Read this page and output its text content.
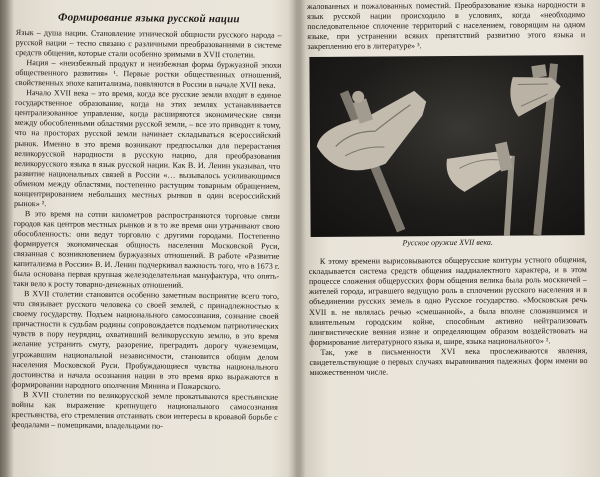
Формирование языка русской нации

Язык – душа нации. Становление этнической общности русского народа – русской нации – тесно связано с различными преобразованиями в системе средств общения, которые стали особенно зримыми в XVII столетии.

Нация – «неизбежный продукт и неизбежная форма буржуазной эпохи общественного развития» ¹. Первые ростки общественных отношений, свойственных эпохе капитализма, появляются в России в начале XVII века.

Начало XVII века – это время, когда все русские земли входят в единое государственное образование, когда на этих землях устанавливается централизованное управление, когда расширяются экономические связи между обособленными областями русской земли, – все это приводит к тому, что на просторах русской земли начинает складываться всероссийский рынок. Именно в это время возникают предпосылки для перерастания великорусской народности в русскую нацию, для преобразования великорусского языка в язык русской нации. Как В. И. Ленин указывал, что развитие национальных связей в России «… вызывалось усиливающимся обменом между областями, постепенно растущим товарным обращением, концентрированием небольших местных рынков в один всероссийский рынок» ².

В это время на сотни километров распространяются торговые связи городов как центров местных рынков и в то же время они утрачивают свою обособленность: они ведут торговлю с другими городами. Постепенно формируется экономическая общность населения Московской Руси, связанная с возникновением буржуазных отношений. В работе «Развитие капитализма в России» В. И. Ленин подчеркивал важность того, что в 1673 г. была основана первая крупная железоделательная мануфактура, что опять-таки вело к росту товарно-денежных отношений.

В XVII столетии становится особенно заметным восприятие всего того, что связывает русского человека со своей землей, с принадлежностью к своему государству. Подъем национального самосознания, сознание своей причастности к судьбам родины сопровождается подъемом патриотических чувств в пору неурядиц, охвативший великорусскую землю, в это время желание устранить смуту, разорение, преградить дорогу чужеземцам, угрожавшим национальной независимости, становится общим делом населения Московской Руси. Пробуждающиеся чувства национального достоинства и начала осознания нации в это время ярко выражаются в формировании народного ополчения Минина и Пожарского.

В XVII столетии по великорусской земле прокатываются крестьянские войны как выражение крепнущего национального самосознания крестьянства, его стремления отстаивать свои интересы в кровавой борьбе с феодалами – помещиками, владельцами по-

жалованных и пожалованных поместий. Преобразование языка народности в язык русской нации происходило в условиях, когда «необходимо последовательное сплочение территорий с населением, говорящим на одном языке, при устранении всяких препятствий развитию этого языка и закреплению его в литературе» ³.

Русское оружие XVII века.

К этому времени вырисовываются общерусские контуры устного общения, складывается система средств общения наддиалектного характера, и в этом процессе сложения общерусских форм общения велика была роль москвичей – жителей города, игравшего ведущую роль в сплочении русского населения и в объединении русских земель в одно Русское государство. «Московская речь XVII в. не являлась речью «смешанной», а была вполне сложившимся и влиятельным городским койне, способным активно нейтрализовать лингвистические веяния извне и определяющим образом воздействовать на формирование литературного языка и, шире, языка национального» ².

Так, уже в письменности XVI века прослеживаются явления, свидетельствующие о первых случаях выравнивания падежных форм имени во множественном числе.
